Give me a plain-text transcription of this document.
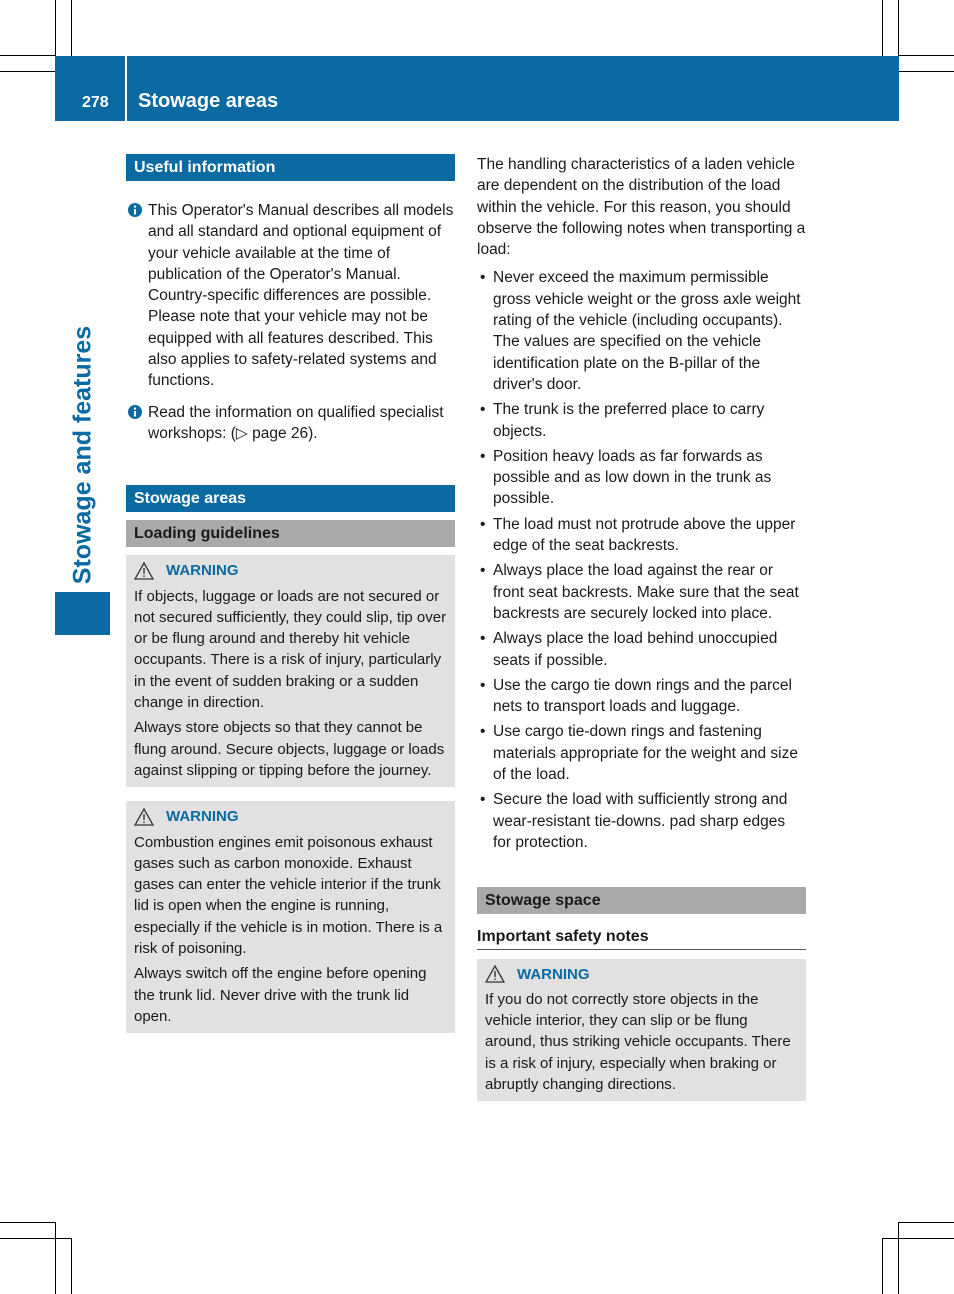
278 Stowage areas
Stowage and features
Useful information

This Operator's Manual describes all models and all standard and optional equipment of your vehicle available at the time of publication of the Operator's Manual. Country-specific differences are possible. Please note that your vehicle may not be equipped with all features described. This also applies to safety-related systems and functions.

Read the information on qualified specialist workshops: (▷ page 26).

Stowage areas
Loading guidelines
WARNING

If objects, luggage or loads are not secured or not secured sufficiently, they could slip, tip over or be flung around and thereby hit vehicle occupants. There is a risk of injury, particularly in the event of sudden braking or a sudden change in direction.

Always store objects so that they cannot be flung around. Secure objects, luggage or loads against slipping or tipping before the journey.

WARNING

Combustion engines emit poisonous exhaust gases such as carbon monoxide. Exhaust gases can enter the vehicle interior if the trunk lid is open when the engine is running, especially if the vehicle is in motion. There is a risk of poisoning.

Always switch off the engine before opening the trunk lid. Never drive with the trunk lid open.

The handling characteristics of a laden vehicle are dependent on the distribution of the load within the vehicle. For this reason, you should observe the following notes when transporting a load:

• Never exceed the maximum permissible gross vehicle weight or the gross axle weight rating of the vehicle (including occupants). The values are specified on the vehicle identification plate on the B-pillar of the driver's door.
• The trunk is the preferred place to carry objects.
• Position heavy loads as far forwards as possible and as low down in the trunk as possible.
• The load must not protrude above the upper edge of the seat backrests.
• Always place the load against the rear or front seat backrests. Make sure that the seat backrests are securely locked into place.
• Always place the load behind unoccupied seats if possible.
• Use the cargo tie down rings and the parcel nets to transport loads and luggage.
• Use cargo tie-down rings and fastening materials appropriate for the weight and size of the load.
• Secure the load with sufficiently strong and wear-resistant tie-downs. pad sharp edges for protection.
Stowage space
Important safety notes
WARNING

If you do not correctly store objects in the vehicle interior, they can slip or be flung around, thus striking vehicle occupants. There is a risk of injury, especially when braking or abruptly changing directions.
